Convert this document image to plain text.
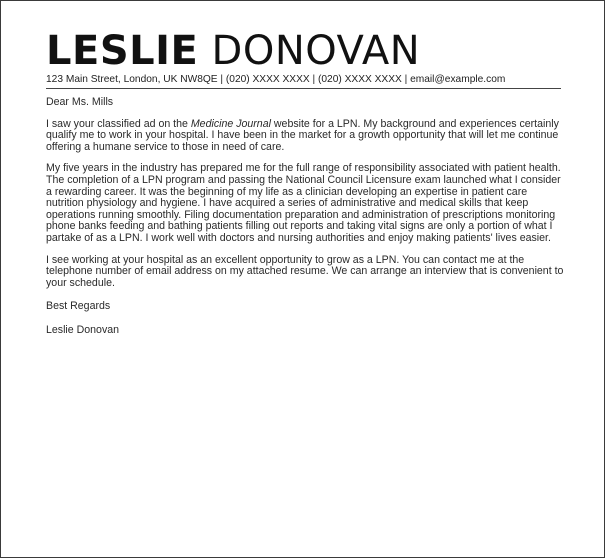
LESLIE DONOVAN
123 Main Street, London, UK NW8QE | (020) XXXX XXXX | (020) XXXX XXXX | email@example.com
Dear Ms. Mills
I saw your classified ad on the Medicine Journal website for a LPN. My background and experiences certainly qualify me to work in your hospital. I have been in the market for a growth opportunity that will let me continue offering a humane service to those in need of care.
My five years in the industry has prepared me for the full range of responsibility associated with patient health. The completion of a LPN program and passing the National Council Licensure exam launched what I consider a rewarding career. It was the beginning of my life as a clinician developing an expertise in patient care nutrition physiology and hygiene. I have acquired a series of administrative and medical skills that keep operations running smoothly. Filing documentation preparation and administration of prescriptions monitoring phone banks feeding and bathing patients filling out reports and taking vital signs are only a portion of what I partake of as a LPN. I work well with doctors and nursing authorities and enjoy making patients' lives easier.
I see working at your hospital as an excellent opportunity to grow as a LPN. You can contact me at the telephone number of email address on my attached resume. We can arrange an interview that is convenient to your schedule.
Best Regards
Leslie Donovan
